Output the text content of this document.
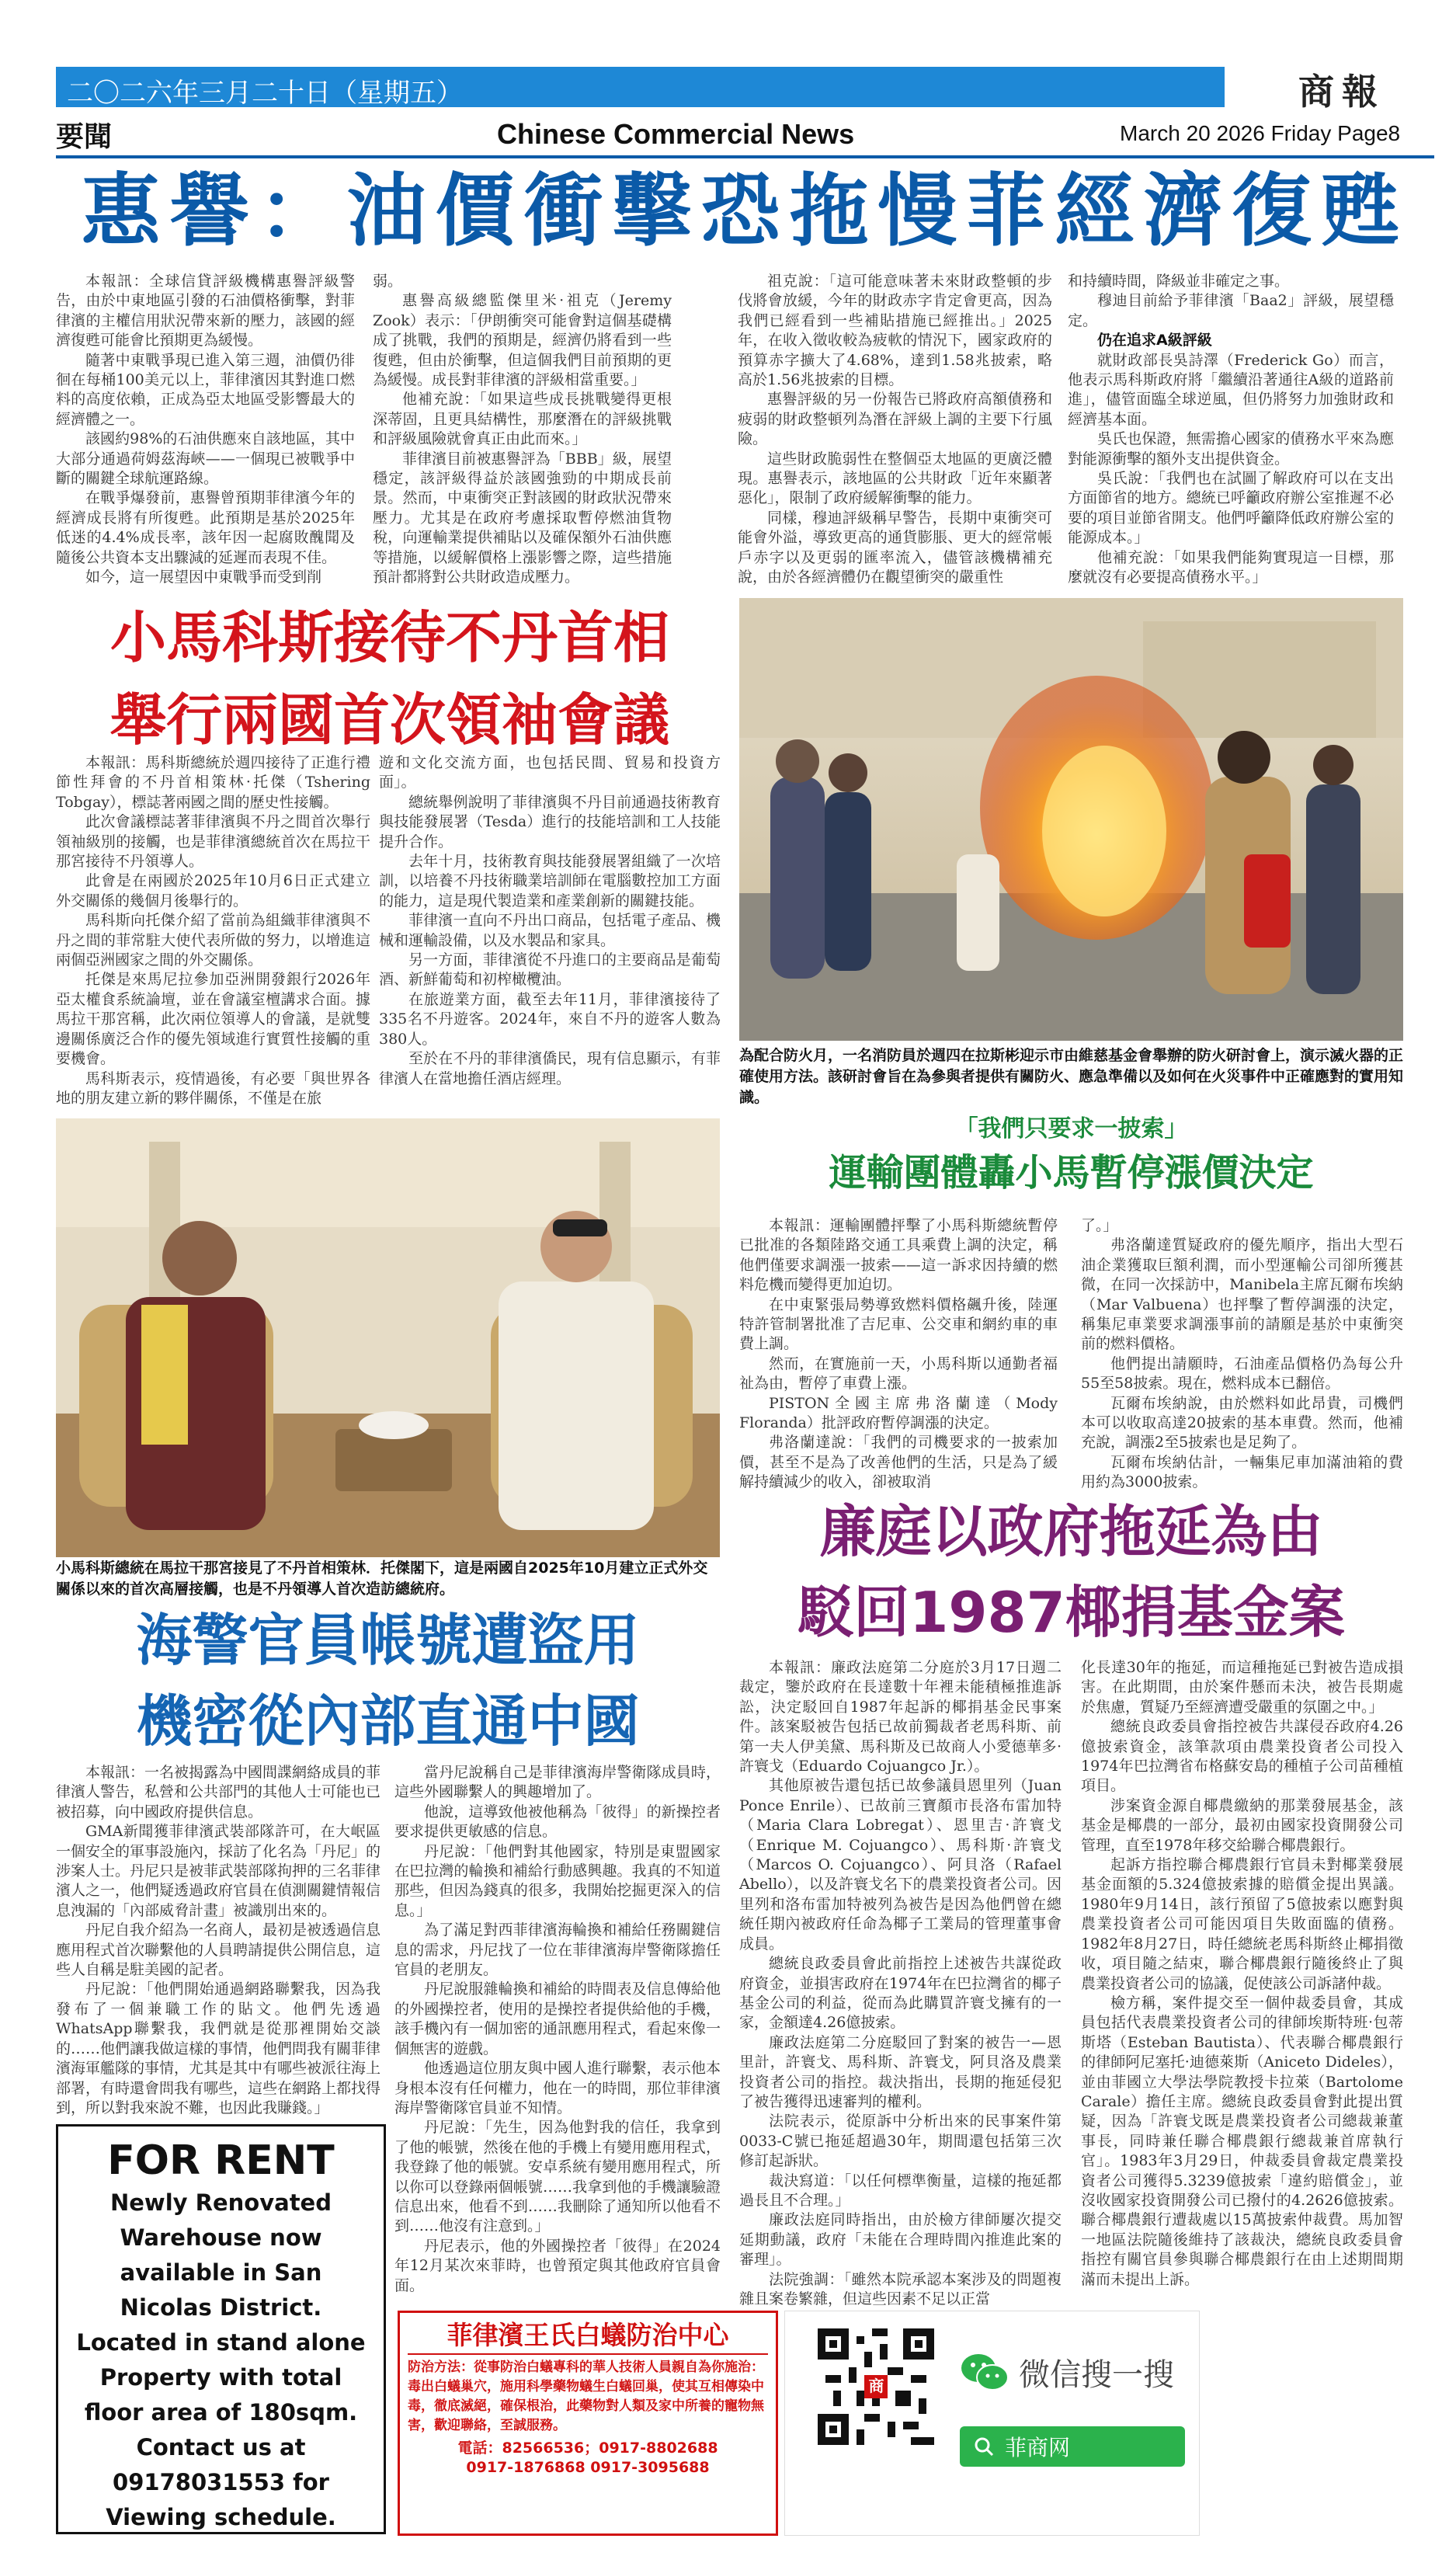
二〇二六年三月二十日（星期五）	商報
要聞	Chinese Commercial News	March 20 2026 Friday Page8
惠譽：油價衝擊恐拖慢菲經濟復甦

本報訊：全球信貸評級機構惠譽評級警告，由於中東地區引發的石油價格衝擊，對菲律濱的主權信用狀況帶來新的壓力，該國的經濟復甦可能會比預期更為緩慢。

隨著中東戰爭現已進入第三週，油價仍徘徊在每桶100美元以上，菲律濱因其對進口燃料的高度依賴，正成為亞太地區受影響最大的經濟體之一。

該國約98%的石油供應來自該地區，其中大部分通過荷姆茲海峽——一個現已被戰爭中斷的關鍵全球航運路線。

在戰爭爆發前，惠譽曾預期菲律濱今年的經濟成長將有所復甦。此預期是基於2025年低迷的4.4%成長率，該年因一起腐敗醜聞及隨後公共資本支出驟減的延遲而表現不佳。

如今，這一展望因中東戰爭而受到削

弱。

惠譽高級總監傑里米·祖克（Jeremy Zook）表示：「伊朗衝突可能會對這個基礎構成了挑戰，我們的預期是，經濟仍將看到一些復甦，但由於衝擊，但這個我們目前預期的更為緩慢。成長對菲律濱的評級相當重要。」

他補充說：「如果這些成長挑戰變得更根深蒂固，且更具結構性，那麼潛在的評級挑戰和評級風險就會真正由此而來。」

菲律濱目前被惠譽評為「BBB」級，展望穩定，該評級得益於該國強勁的中期成長前景。然而，中東衝突正對該國的財政狀況帶來壓力。尤其是在政府考慮採取暫停燃油貨物稅，向運輸業提供補貼以及確保額外石油供應等措施，以緩解價格上漲影響之際，這些措施預計都將對公共財政造成壓力。

祖克說：「這可能意味著未來財政整頓的步伐將會放緩，今年的財政赤字肯定會更高，因為我們已經看到一些補貼措施已經推出。」2025年，在收入徵收較為疲軟的情況下，國家政府的預算赤字擴大了4.68%，達到1.58兆披索，略高於1.56兆披索的目標。

惠譽評級的另一份報告已將政府高額債務和疲弱的財政整頓列為潛在評級上調的主要下行風險。

這些財政脆弱性在整個亞太地區的更廣泛體現。惠譽表示，該地區的公共財政「近年來顯著惡化」，限制了政府緩解衝擊的能力。

同樣，穆迪評級稱早警告，長期中東衝突可能會外溢，導致更高的通貨膨脹、更大的經常帳戶赤字以及更弱的匯率流入，儘管該機構補充說，由於各經濟體仍在觀望衝突的嚴重性

和持續時間，降級並非確定之事。

穆迪目前給予菲律濱「Baa2」評級，展望穩定。

仍在追求A級評級

就財政部長吳詩澤（Frederick Go）而言，他表示馬科斯政府將「繼續沿著通往A級的道路前進」，儘管面臨全球逆風，但仍將努力加強財政和經濟基本面。

吳氏也保證，無需擔心國家的債務水平來為應對能源衝擊的額外支出提供資金。

吳氏說：「我們也在試圖了解政府可以在支出方面節省的地方。總統已呼籲政府辦公室推遲不必要的項目並節省開支。他們呼籲降低政府辦公室的能源成本。」

他補充說：「如果我們能夠實現這一目標，那麼就沒有必要提高債務水平。」

小馬科斯接待不丹首相
舉行兩國首次領袖會議

本報訊：馬科斯總統於週四接待了正進行禮節性拜會的不丹首相策林·托傑（Tshering Tobgay），標誌著兩國之間的歷史性接觸。

此次會議標誌著菲律濱與不丹之間首次舉行領袖級別的接觸，也是菲律濱總統首次在馬拉干那宮接待不丹領導人。

此會是在兩國於2025年10月6日正式建立外交關係的幾個月後舉行的。

馬科斯向托傑介紹了當前為組織菲律濱與不丹之間的菲常駐大使代表所做的努力，以增進這兩個亞洲國家之間的外交關係。

托傑是來馬尼拉參加亞洲開發銀行2026年亞太權食系統論壇，並在會議室檀講求合面。據馬拉干那宮稱，此次兩位領導人的會議，是就雙邊關係廣泛合作的優先領域進行實質性接觸的重要機會。

馬科斯表示，疫情過後，有必要「與世界各地的朋友建立新的夥伴關係，不僅是在旅

遊和文化交流方面，也包括民間、貿易和投資方面」。

總統舉例說明了菲律濱與不丹目前通過技術教育與技能發展署（Tesda）進行的技能培訓和工人技能提升合作。

去年十月，技術教育與技能發展署組織了一次培訓，以培養不丹技術職業培訓師在電腦數控加工方面的能力，這是現代製造業和產業創新的關鍵技能。

菲律濱一直向不丹出口商品，包括電子產品、機械和運輸設備，以及水製品和家具。

另一方面，菲律濱從不丹進口的主要商品是葡萄酒、新鮮葡萄和初榨橄欖油。

在旅遊業方面，截至去年11月，菲律濱接待了335名不丹遊客。2024年，來自不丹的遊客人數為380人。

至於在不丹的菲律濱僑民，現有信息顯示，有菲律濱人在當地擔任酒店經理。

為配合防火月，一名消防員於週四在拉斯彬迎示市由維慈基金會舉辦的防火研討會上，演示滅火器的正確使用方法。該研討會旨在為參與者提供有關防火、應急準備以及如何在火災事件中正確應對的實用知識。
小馬科斯總統在馬拉干那宮接見了不丹首相策林．托傑閣下，這是兩國自2025年10月建立正式外交關係以來的首次高層接觸，也是不丹領導人首次造訪總統府。
「我們只要求一披索」
運輸團體轟小馬暫停漲價決定

本報訊：運輸團體抨擊了小馬科斯總統暫停已批准的各類陸路交通工具乘費上調的決定，稱他們僅要求調漲一披索——這一訴求因持續的燃料危機而變得更加迫切。

在中東緊張局勢導致燃料價格飆升後，陸運特許管制署批准了吉尼車、公交車和網約車的車費上調。

然而，在實施前一天，小馬科斯以通勤者福祉為由，暫停了車費上漲。

PISTON全國主席弗洛蘭達（Mody Floranda）批評政府暫停調漲的決定。

弗洛蘭達說：「我們的司機要求的一披索加價，甚至不是為了改善他們的生活，只是為了緩解持續減少的收入，卻被取消

了。」

弗洛蘭達質疑政府的優先順序，指出大型石油企業獲取巨額利潤，而小型運輸公司卻所獲甚微，在同一次採訪中，Manibela主席瓦爾布埃納（Mar Valbuena）也抨擊了暫停調漲的決定，稱集尼車業要求調漲事前的請願是基於中東衝突前的燃料價格。

他們提出請願時，石油產品價格仍為每公升55至58披索。現在，燃料成本已翻倍。

瓦爾布埃納說，由於燃料如此昂貴，司機們本可以收取高達20披索的基本車費。然而，他補充說，調漲2至5披索也是足夠了。

瓦爾布埃納估計，一輛集尼車加滿油箱的費用約為3000披索。

廉庭以政府拖延為由
駁回1987椰捐基金案
海警官員帳號遭盜用
機密從內部直通中國

本報訊：一名被揭露為中國間諜網絡成員的菲律濱人警告，私營和公共部門的其他人士可能也已被招募，向中國政府提供信息。

GMA新聞獲菲律濱武裝部隊許可，在大岷區一個安全的軍事設施內，採訪了化名為「丹尼」的涉案人士。丹尼只是被菲武裝部隊拘押的三名菲律濱人之一，他們疑透過政府官員在偵測關鍵情報信息洩漏的「內部威脅計畫」被識別出來的。

丹尼自我介紹為一名商人，最初是被透過信息應用程式首次聯繫他的人員聘請提供公開信息，這些人自稱是駐美國的記者。

丹尼說：「他們開始通過網路聯繫我，因為我發布了一個兼職工作的貼文。他們先透過WhatsApp聯繫我，我們就是從那裡開始交談的……他們讓我做這樣的事情，他們問我有關菲律濱海軍艦隊的事情，尤其是其中有哪些被派往海上部署，有時還會問我有哪些，這些在網路上都找得到，所以對我來說不難，也因此我賺錢。」

當丹尼說稱自己是菲律濱海岸警衛隊成員時，這些外國聯繫人的興趣增加了。

他說，這導致他被他稱為「彼得」的新操控者要求提供更敏感的信息。

丹尼說：「他們對其他國家，特別是東盟國家在巴拉灣的輪換和補給行動感興趣。我真的不知道那些，但因為錢真的很多，我開始挖掘更深入的信息。」

為了滿足對西菲律濱海輪換和補給任務關鍵信息的需求，丹尼找了一位在菲律濱海岸警衛隊擔任官員的老朋友。

丹尼說服雜輪換和補給的時間表及信息傳給他的外國操控者，使用的是操控者提供給他的手機，該手機內有一個加密的通訊應用程式，看起來像一個無害的遊戲。

他透過這位朋友與中國人進行聯繫，表示他本身根本沒有任何權力，他在一的時間，那位菲律濱海岸警衛隊官員並不知情。

丹尼說：「先生，因為他對我的信任，我拿到了他的帳號，然後在他的手機上有變用應用程式，我登錄了他的帳號。安卓系統有變用應用程式，所以你可以登錄兩個帳號……我拿到他的手機讓驗證信息出來，他看不到……我刪除了通知所以他看不到……他沒有注意到。」

丹尼表示，他的外國操控者「彼得」在2024年12月某次來菲時，也曾預定與其他政府官員會面。

本報訊：廉政法庭第二分庭於3月17日週二裁定，鑒於政府在長達數十年裡未能積極推進訴訟，決定駁回自1987年起訴的椰捐基金民事案件。該案駁被告包括已故前獨裁者老馬科斯、前第一夫人伊美黛、馬科斯及已故商人小愛德華多·許寰戈（Eduardo Cojuangco Jr.）。

其他原被告還包括已故參議員恩里列（Juan Ponce Enrile）、已故前三寶顏市長洛布雷加特（Maria Clara Lobregat）、恩里吉·許寰戈（Enrique M. Cojuangco）、馬科斯·許寰戈（Marcos O. Cojuangco）、阿貝洛（Rafael Abello），以及許寰戈名下的農業投資者公司。因里列和洛布雷加特被列為被告是因為他們曾在總統任期內被政府任命為椰子工業局的管理董事會成員。

總統良政委員會此前指控上述被告共謀從政府資金，並損害政府在1974年在巴拉灣省的椰子基金公司的利益，從而為此購買許寰戈擁有的一家，金額達4.26億披索。

廉政法庭第二分庭駁回了對案的被告一—恩里計，許寰戈、馬科斯、許寰戈，阿貝洛及農業投資者公司的指控。裁決指出，長期的拖延侵犯了被告獲得迅速審判的權利。

法院表示，從原訴中分析出來的民事案件第0033-C號已拖延超過30年，期間還包括第三次修訂起訴狀。

裁決寫道：「以任何標準衡量，這樣的拖延都過長且不合理。」

廉政法庭同時指出，由於檢方律師屢次提交延期動議，政府「未能在合理時間內推進此案的審理」。

法院強調：「雖然本院承認本案涉及的問題複雜且案卷繁雜，但這些因素不足以正當

化長達30年的拖延，而這種拖延已對被告造成損害。在此期間，由於案件懸而未決，被告長期處於焦慮，質疑乃至經濟遭受嚴重的氛圍之中。」

總統良政委員會指控被告共謀侵吞政府4.26億披索資金，該筆款項由農業投資者公司投入1974年巴拉灣省布格蘇安島的種植子公司苗種植項目。

涉案資金源自椰農繳納的那業發展基金，該基金是椰農的一部分，最初由國家投資開發公司管理，直至1978年移交給聯合椰農銀行。

起訴方指控聯合椰農銀行官員未對椰業發展基金面額的5.324億披索據的賠償金提出異議。1980年9月14日，該行預留了5億披索以應對與農業投資者公司可能因項目失敗面臨的債務。1982年8月27日，時任總統老馬科斯終止椰捐徵收，項目隨之結束，聯合椰農銀行隨後終止了與農業投資者公司的協議，促使該公司訴諸仲裁。

檢方稱，案件提交至一個仲裁委員會，其成員包括代表農業投資者公司的律師埃斯特班·包蒂斯塔（Esteban Bautista）、代表聯合椰農銀行的律師阿尼塞托·迪德萊斯（Aniceto Dideles），並由菲國立大學法學院教授卡拉萊（Bartolome Carale）擔任主席。總統良政委員會對此提出質疑，因為「許寰戈既是農業投資者公司總裁兼董事長，同時兼任聯合椰農銀行總裁兼首席執行官」。1983年3月29日，仲裁委員會裁定農業投資者公司獲得5.3239億披索「違約賠償金」，並沒收國家投資開發公司已撥付的4.2626億披索。聯合椰農銀行遭裁處以15萬披索仲裁費。馬加智一地區法院隨後維持了該裁決，總統良政委員會指控有關官員參與聯合椰農銀行在由上述期間期滿而未提出上訴。

FOR RENT
Newly Renovated Warehouse now available in San Nicolas District. Located in stand alone Property with total floor area of 180sqm. Contact us at 09178031553 for Viewing schedule.
菲律濱王氏白蟻防治中心
防治方法：從事防治白蟻專科的華人技術人員親自為你施治：毒出白蟻巢穴，施用科學藥物蟻生白蟻回巢，使其互相傳染中毒，徹底滅絕，確保根治，此藥物對人類及家中所養的寵物無害，歡迎聯絡，至誠服務。
電話：82566536；0917-8802688
0917-1876868 0917-3095688
商	微信搜一搜
菲商网
